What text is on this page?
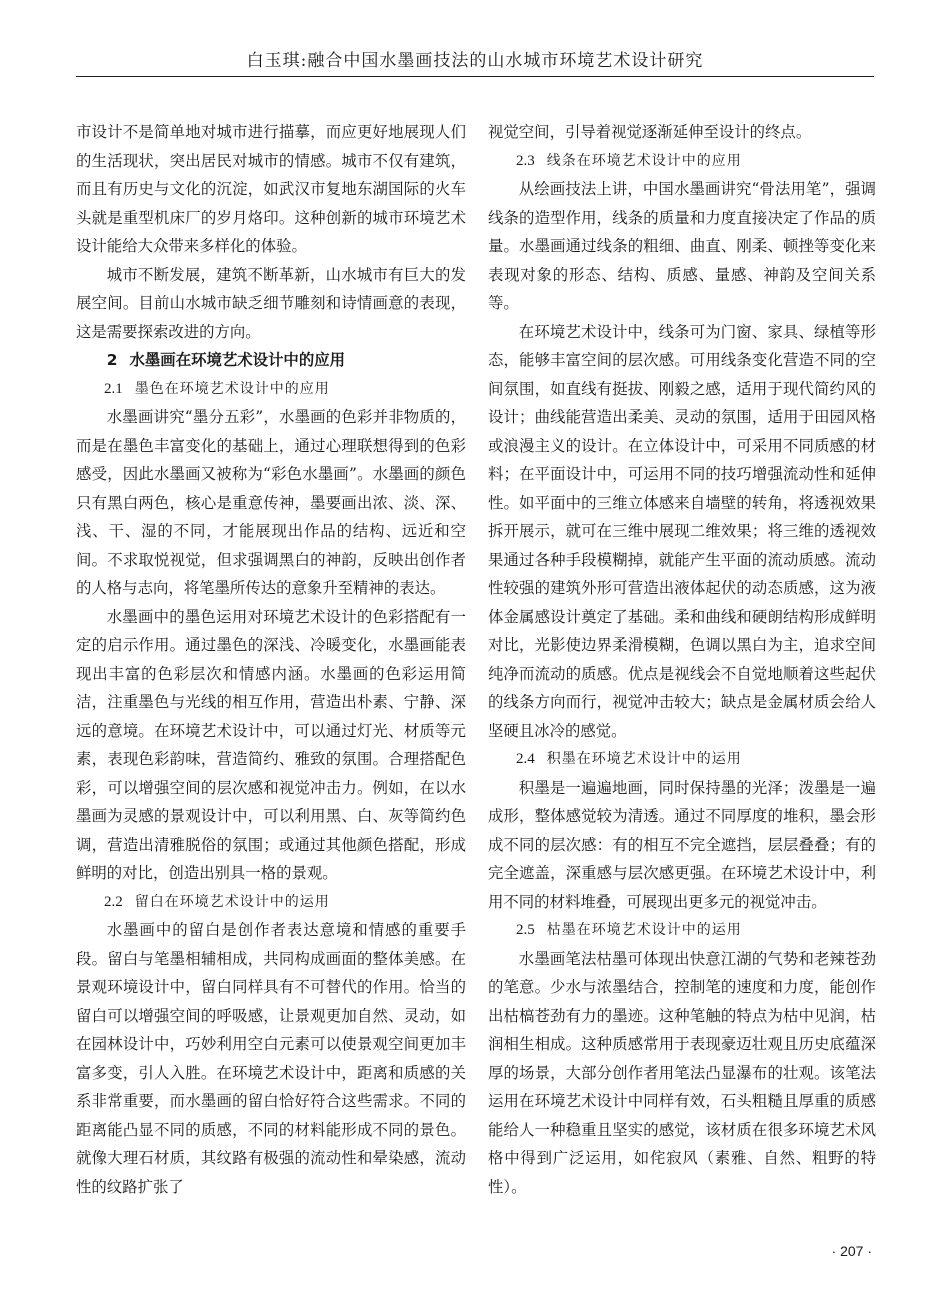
白玉琪:融合中国水墨画技法的山水城市环境艺术设计研究

市设计不是简单地对城市进行描摹，而应更好地展现人们的生活现状，突出居民对城市的情感。城市不仅有建筑，而且有历史与文化的沉淀，如武汉市复地东湖国际的火车头就是重型机床厂的岁月烙印。这种创新的城市环境艺术设计能给大众带来多样化的体验。

城市不断发展，建筑不断革新，山水城市有巨大的发展空间。目前山水城市缺乏细节雕刻和诗情画意的表现，这是需要探索改进的方向。

2 水墨画在环境艺术设计中的应用
2.1 墨色在环境艺术设计中的应用

水墨画讲究“墨分五彩”，水墨画的色彩并非物质的，而是在墨色丰富变化的基础上，通过心理联想得到的色彩感受，因此水墨画又被称为“彩色水墨画”。水墨画的颜色只有黑白两色，核心是重意传神，墨要画出浓、淡、深、浅、干、湿的不同，才能展现出作品的结构、远近和空间。不求取悦视觉，但求强调黑白的神韵，反映出创作者的人格与志向，将笔墨所传达的意象升至精神的表达。

水墨画中的墨色运用对环境艺术设计的色彩搭配有一定的启示作用。通过墨色的深浅、冷暖变化，水墨画能表现出丰富的色彩层次和情感内涵。水墨画的色彩运用简洁，注重墨色与光线的相互作用，营造出朴素、宁静、深远的意境。在环境艺术设计中，可以通过灯光、材质等元素，表现色彩韵味，营造简约、雅致的氛围。合理搭配色彩，可以增强空间的层次感和视觉冲击力。例如，在以水墨画为灵感的景观设计中，可以利用黑、白、灰等简约色调，营造出清雅脱俗的氛围；或通过其他颜色搭配，形成鲜明的对比，创造出别具一格的景观。

2.2 留白在环境艺术设计中的运用

水墨画中的留白是创作者表达意境和情感的重要手段。留白与笔墨相辅相成，共同构成画面的整体美感。在景观环境设计中，留白同样具有不可替代的作用。恰当的留白可以增强空间的呼吸感，让景观更加自然、灵动，如在园林设计中，巧妙利用空白元素可以使景观空间更加丰富多变，引人入胜。在环境艺术设计中，距离和质感的关系非常重要，而水墨画的留白恰好符合这些需求。不同的距离能凸显不同的质感，不同的材料能形成不同的景色。就像大理石材质，其纹路有极强的流动性和晕染感，流动性的纹路扩张了

视觉空间，引导着视觉逐渐延伸至设计的终点。

2.3 线条在环境艺术设计中的应用

从绘画技法上讲，中国水墨画讲究“骨法用笔”，强调线条的造型作用，线条的质量和力度直接决定了作品的质量。水墨画通过线条的粗细、曲直、刚柔、顿挫等变化来表现对象的形态、结构、质感、量感、神韵及空间关系等。

在环境艺术设计中，线条可为门窗、家具、绿植等形态，能够丰富空间的层次感。可用线条变化营造不同的空间氛围，如直线有挺拔、刚毅之感，适用于现代简约风的设计；曲线能营造出柔美、灵动的氛围，适用于田园风格或浪漫主义的设计。在立体设计中，可采用不同质感的材料；在平面设计中，可运用不同的技巧增强流动性和延伸性。如平面中的三维立体感来自墙壁的转角，将透视效果拆开展示，就可在三维中展现二维效果；将三维的透视效果通过各种手段模糊掉，就能产生平面的流动质感。流动性较强的建筑外形可营造出液体起伏的动态质感，这为液体金属感设计奠定了基础。柔和曲线和硬朗结构形成鲜明对比，光影使边界柔滑模糊，色调以黑白为主，追求空间纯净而流动的质感。优点是视线会不自觉地顺着这些起伏的线条方向而行，视觉冲击较大；缺点是金属材质会给人坚硬且冰冷的感觉。

2.4 积墨在环境艺术设计中的运用

积墨是一遍遍地画，同时保持墨的光泽；泼墨是一遍成形，整体感觉较为清透。通过不同厚度的堆积，墨会形成不同的层次感：有的相互不完全遮挡，层层叠叠；有的完全遮盖，深重感与层次感更强。在环境艺术设计中，利用不同的材料堆叠，可展现出更多元的视觉冲击。

2.5 枯墨在环境艺术设计中的运用

水墨画笔法枯墨可体现出快意江湖的气势和老辣苍劲的笔意。少水与浓墨结合，控制笔的速度和力度，能创作出枯槁苍劲有力的墨迹。这种笔触的特点为枯中见润，枯润相生相成。这种质感常用于表现豪迈壮观且历史底蕴深厚的场景，大部分创作者用笔法凸显瀑布的壮观。该笔法运用在环境艺术设计中同样有效，石头粗糙且厚重的质感能给人一种稳重且坚实的感觉，该材质在很多环境艺术风格中得到广泛运用，如侘寂风（素雅、自然、粗野的特性）。

· 207 ·
